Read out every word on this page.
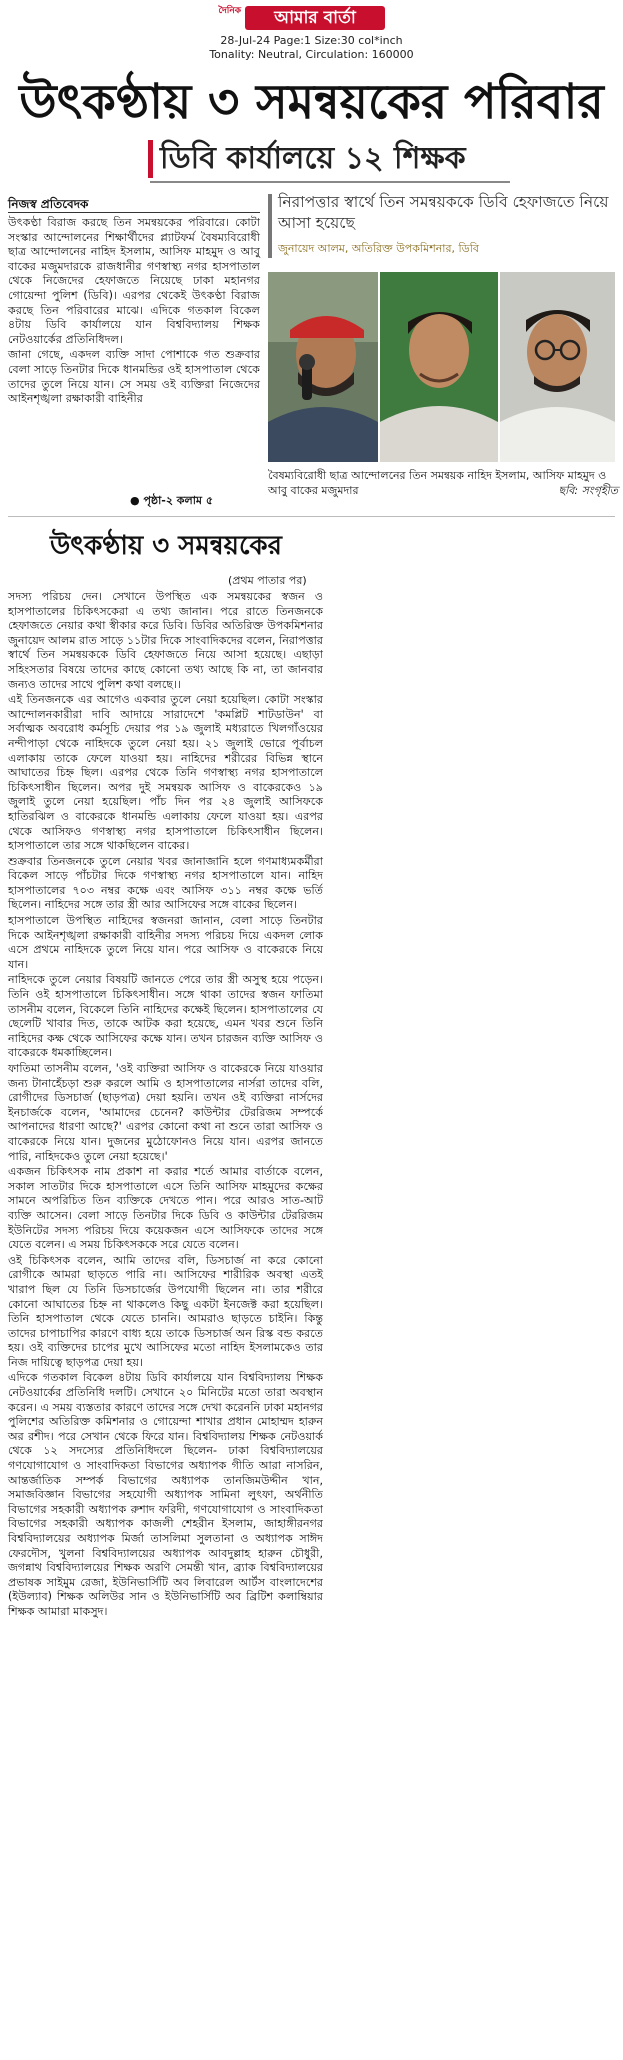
দৈনিক আমার বার্তা
28-Jul-24 Page:1 Size:30 col*inch
Tonality: Neutral, Circulation: 160000
উৎকণ্ঠায় ৩ সমন্বয়কের পরিবার
ডিবি কার্যালয়ে ১২ শিক্ষক
নিজস্ব প্রতিবেদক

উৎকণ্ঠা বিরাজ করছে তিন সমন্বয়কের পরিবারে। কোটা সংস্কার আন্দোলনের শিক্ষার্থীদের প্ল্যাটফর্ম বৈষম্যবিরোধী ছাত্র আন্দোলনের নাহিদ ইসলাম, আসিফ মাহমুদ ও আবু বাকের মজুমদারকে রাজধানীর গণস্বাস্থ্য নগর হাসপাতাল থেকে নিজেদের হেফাজতে নিয়েছে ঢাকা মহানগর গোয়েন্দা পুলিশ (ডিবি)। এরপর থেকেই উৎকণ্ঠা বিরাজ করছে তিন পরিবারের মাঝে। এদিকে গতকাল বিকেল ৪টায় ডিবি কার্যালয়ে যান বিশ্ববিদ্যালয় শিক্ষক নেটওয়ার্কের প্রতিনিধিদল।

জানা গেছে, একদল ব্যক্তি সাদা পোশাকে গত শুক্রবার বেলা সাড়ে তিনটার দিকে ধানমন্ডির ওই হাসপাতাল থেকে তাদের তুলে নিয়ে যান। সে সময় ওই ব্যক্তিরা নিজেদের আইনশৃঙ্খলা রক্ষাকারী বাহিনীর

● পৃষ্ঠা-২ কলাম ৫
নিরাপত্তার স্বার্থে তিন সমন্বয়ককে ডিবি হেফাজতে নিয়ে আসা হয়েছে
জুনায়েদ আলম, অতিরিক্ত উপকমিশনার, ডিবি
বৈষম্যবিরোধী ছাত্র আন্দোলনের তিন সমন্বয়ক নাহিদ ইসলাম, আসিফ মাহমুদ ও আবু বাকের মজুমদার	ছবি: সংগৃহীত
উৎকণ্ঠায় ৩ সমন্বয়কের
(প্রথম পাতার পর)

সদস্য পরিচয় দেন। সেখানে উপস্থিত এক সমন্বয়কের স্বজন ও হাসপাতালের চিকিৎসকেরা এ তথ্য জানান। পরে রাতে তিনজনকে হেফাজতে নেয়ার কথা স্বীকার করে ডিবি। ডিবির অতিরিক্ত উপকমিশনার জুনায়েদ আলম রাত সাড়ে ১১টার দিকে সাংবাদিকদের বলেন, নিরাপত্তার স্বার্থে তিন সমন্বয়ককে ডিবি হেফাজতে নিয়ে আসা হয়েছে। এছাড়া সহিংসতার বিষয়ে তাদের কাছে কোনো তথ্য আছে কি না, তা জানবার জন্যও তাদের সাথে পুলিশ কথা বলছে।।

এই তিনজনকে এর আগেও একবার তুলে নেয়া হয়েছিল। কোটা সংস্কার আন্দোলনকারীরা দাবি আদায়ে সারাদেশে 'কমপ্লিট শাটডাউন' বা সর্বাত্মক অবরোধ কর্মসূচি দেয়ার পর ১৯ জুলাই মধ্যরাতে খিলগাঁওয়ের নন্দীপাড়া থেকে নাহিদকে তুলে নেয়া হয়। ২১ জুলাই ভোরে পূর্বাচল এলাকায় তাকে ফেলে যাওয়া হয়। নাহিদের শরীরের বিভিন্ন স্থানে আঘাতের চিহ্ন ছিল। এরপর থেকে তিনি গণস্বাস্থ্য নগর হাসপাতালে চিকিৎসাধীন ছিলেন। অপর দুই সমন্বয়ক আসিফ ও বাকেরকেও ১৯ জুলাই তুলে নেয়া হয়েছিল। পাঁচ দিন পর ২৪ জুলাই আসিফকে হাতিরঝিল ও বাকেরকে ধানমন্ডি এলাকায় ফেলে যাওয়া হয়। এরপর থেকে আসিফও গণস্বাস্থ্য নগর হাসপাতালে চিকিৎসাধীন ছিলেন। হাসপাতালে তার সঙ্গে থাকছিলেন বাকের।

শুক্রবার তিনজনকে তুলে নেয়ার খবর জানাজানি হলে গণমাধ্যমকর্মীরা বিকেল সাড়ে পাঁচটার দিকে গণস্বাস্থ্য নগর হাসপাতালে যান। নাহিদ হাসপাতালের ৭০৩ নম্বর কক্ষে এবং আসিফ ৩১১ নম্বর কক্ষে ভর্তি ছিলেন। নাহিদের সঙ্গে তার স্ত্রী আর আসিফের সঙ্গে বাকের ছিলেন।

হাসপাতালে উপস্থিত নাহিদের স্বজনরা জানান, বেলা সাড়ে তিনটার দিকে আইনশৃঙ্খলা রক্ষাকারী বাহিনীর সদস্য পরিচয় দিয়ে একদল লোক এসে প্রথমে নাহিদকে তুলে নিয়ে যান। পরে আসিফ ও বাকেরকে নিয়ে যান।

নাহিদকে তুলে নেয়ার বিষয়টি জানতে পেরে তার স্ত্রী অসুস্থ হয়ে পড়েন। তিনি ওই হাসপাতালে চিকিৎসাধীন। সঙ্গে থাকা তাদের স্বজন ফাতিমা তাসনীম বলেন, বিকেলে তিনি নাহিদের কক্ষেই ছিলেন। হাসপাতালের যে ছেলেটি খাবার দিত, তাকে আটক করা হয়েছে, এমন খবর শুনে তিনি নাহিদের কক্ষ থেকে আসিফের কক্ষে যান। তখন চারজন ব্যক্তি আসিফ ও বাকেরকে ধমকাচ্ছিলেন।

ফাতিমা তাসনীম বলেন, 'ওই ব্যক্তিরা আসিফ ও বাকেরকে নিয়ে যাওয়ার জন্য টানাহেঁচড়া শুরু করলে আমি ও হাসপাতালের নার্সরা তাদের বলি, রোগীদের ডিসচার্জ (ছাড়পত্র) দেয়া হয়নি। তখন ওই ব্যক্তিরা নার্সদের ইনচার্জকে বলেন, 'আমাদের চেনেন? কাউন্টার টেররিজম সম্পর্কে আপনাদের ধারণা আছে?' এরপর কোনো কথা না শুনে তারা আসিফ ও বাকেরকে নিয়ে যান। দুজনের মুঠোফোনও নিয়ে যান। এরপর জানতে পারি, নাহিদকেও তুলে নেয়া হয়েছে।'

একজন চিকিৎসক নাম প্রকাশ না করার শর্তে আমার বার্তাকে বলেন, সকাল সাতটার দিকে হাসপাতালে এসে তিনি আসিফ মাহমুদের কক্ষের সামনে অপরিচিত তিন ব্যক্তিকে দেখতে পান। পরে আরও সাত-আট ব্যক্তি আসেন। বেলা সাড়ে তিনটার দিকে ডিবি ও কাউন্টার টেররিজম ইউনিটের সদস্য পরিচয় দিয়ে কয়েকজন এসে আসিফকে তাদের সঙ্গে যেতে বলেন। এ সময় চিকিৎসককে সরে যেতে বলেন।

ওই চিকিৎসক বলেন, আমি তাদের বলি, ডিসচার্জ না করে কোনো রোগীকে আমরা ছাড়তে পারি না। আসিফের শারীরিক অবস্থা এতই খারাপ ছিল যে তিনি ডিসচার্জের উপযোগী ছিলেন না। তার শরীরে কোনো আঘাতের চিহ্ন না থাকলেও কিছু একটা ইনজেক্ট করা হয়েছিল। তিনি হাসপাতাল থেকে যেতে চাননি। আমরাও ছাড়তে চাইনি। কিন্তু তাদের চাপাচাপির কারণে বাধ্য হয়ে তাকে ডিসচার্জ অন রিস্ক বন্ড করতে হয়। ওই ব্যক্তিদের চাপের মুখে আসিফের মতো নাহিদ ইসলামকেও তার নিজ দায়িত্বে ছাড়পত্র দেয়া হয়।

এদিকে গতকাল বিকেল ৪টায় ডিবি কার্যালয়ে যান বিশ্ববিদ্যালয় শিক্ষক নেটওয়ার্কের প্রতিনিধি দলটি। সেখানে ২০ মিনিটের মতো তারা অবস্থান করেন। এ সময় ব্যস্ততার কারণে তাদের সঙ্গে দেখা করেননি ঢাকা মহানগর পুলিশের অতিরিক্ত কমিশনার ও গোয়েন্দা শাখার প্রধান মোহাম্মদ হারুন অর রশীদ। পরে সেখান থেকে ফিরে যান। বিশ্ববিদ্যালয় শিক্ষক নেটওয়ার্ক থেকে ১২ সদস্যের প্রতিনিধিদলে ছিলেন- ঢাকা বিশ্ববিদ্যালয়ের গণযোগাযোগ ও সাংবাদিকতা বিভাগের অধ্যাপক গীতি আরা নাসরিন, আন্তর্জাতিক সম্পর্ক বিভাগের অধ্যাপক তানজিমউদ্দীন খান, সমাজবিজ্ঞান বিভাগের সহযোগী অধ্যাপক সামিনা লুৎফা, অর্থনীতি বিভাগের সহকারী অধ্যাপক রুশাদ ফরিদী, গণযোগাযোগ ও সাংবাদিকতা বিভাগের সহকারী অধ্যাপক কাজলী শেহরীন ইসলাম, জাহাঙ্গীরনগর বিশ্ববিদ্যালয়ের অধ্যাপক মির্জা তাসলিমা সুলতানা ও অধ্যাপক সাঈদ ফেরদৌস, খুলনা বিশ্ববিদ্যালয়ের অধ্যাপক আবদুল্লাহ হারুন চৌধুরী, জগন্নাথ বিশ্ববিদ্যালয়ের শিক্ষক অরণি সেমন্তী খান, ব্র্যাক বিশ্ববিদ্যালয়ের প্রভাষক সাইমুম রেজা, ইউনিভার্সিটি অব লিবারেল আর্টস বাংলাদেশের (ইউল্যাব) শিক্ষক অলিউর সান ও ইউনিভার্সিটি অব ব্রিটিশ কলাম্বিয়ার শিক্ষক আমারা মাকসুদ।
